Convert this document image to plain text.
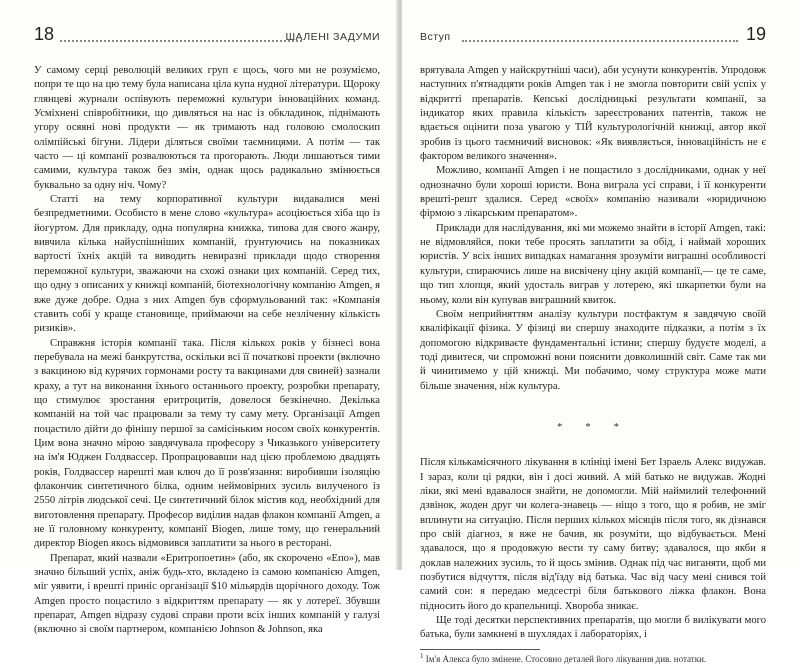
18	ШАЛЕНІ ЗАДУМИ

У самому серці революцій великих груп є щось, чого ми не розуміємо, попри те що на цю тему була написана ціла купа нудної літератури. Щороку глянцеві журнали оспівують переможні культури інноваційних команд. Усміхнені співробітники, що дивляться на нас із обкладинок, піднімають угору осяяні нові продукти — як тримають над головою смолоскип олімпійські бігуни. Лідери діляться своїми таємницями. А потім — так часто — ці компанії розвалюються та прогорають. Люди лишаються тими самими, культура також без змін, однак щось радикально змінюється буквально за одну ніч. Чому?

Статті на тему корпоративної культури видавалися мені безпредметними. Особисто в мене слово «культура» асоціюється хіба що із йогуртом. Для прикладу, одна популярна книжка, типова для свого жанру, вивчила кілька найуспішніших компаній, ґрунтуючись на показниках вартості їхніх акцій та виводить невиразні приклади щодо створення переможної культури, зважаючи на схожі ознаки цих компаній. Серед тих, що одну з описаних у книжці компаній, біотехнологічну компанію Amgen, я вже дуже добре. Одна з них Amgen був сформульований так: «Компанія ставить собі у краще становище, приймаючи на себе незліченну кількість ризиків».

Справжня історія компанії така. Після кількох років у бізнесі вона перебувала на межі банкрутства, оскільки всі її початкові проекти (включно з вакциною від курячих гормонами росту та вакцинами для свиней) зазнали краху, а тут на виконання їхнього останнього проекту, розробки препарату, що стимулює зростання еритроцитів, довелося безкінечно. Декілька компаній на той час працювали за тему ту саму мету. Організації Amgen поцастило дійти до фінішу першої за самісіньким носом своїх конкурентів. Цим вона значно мірою завдячувала професору з Чиказького університету на ім'я Юджен Голдвассер. Пропрацювавши над цією проблемою двадцять років, Голдвассер нарешті мав ключ до її розв'язання: виробивши ізоляцію флакончик синтетичного білка, одним неймовірних зусиль вилученого із 2550 літрів людської сечі. Це синтетичний білок містив код, необхідний для виготовлення препарату. Професор виділив надав флакон компанії Amgen, а не її головному конкуренту, компанії Biogen, лише тому, що генеральний директор Biogen якось відмовився заплатити за нього в ресторані.

Препарат, який назвали «Еритропоетин» (або, як скорочено «Епо»), мав значно більший успіх, аніж будь-хто, вкладено із самою компанією Amgen, міг уявити, і врешті приніс організації $10 мільярдів щорічного доходу. Тож Amgen просто поцастило з відкриттям препарату — як у лотереї. Збувши препарат, Amgen відразу судові справи проти всіх інших компаній у галузі (включно зі своїм партнером, компанією Johnson & Johnson, яка

Вступ	19

врятувала Amgen у найскрутніші часи), аби усунути конкурентів. Упродовж наступних п'ятнадцяти років Amgen так і не змогла повторити свій успіх у відкритті препаратів. Кепські дослідницькі результати компанії, за індикатор яких правила кількість зареєстрованих патентів, також не вдається оцінити поза увагою у ТІЙ культурологічній книжці, автор якої зробив із цього таємничий висновок: «Як виявляється, інноваційність не є фактором великого значення».

Можливо, компанії Amgen і не пощастило з дослідниками, однак у неї однозначно були хороші юристи. Вона виграла усі справи, і її конкуренти врешті-решт здалися. Серед «своїх» компанію називали «юридичною фірмою з лікарським препаратом».

Приклади для наслідування, які ми можемо знайти в історії Amgen, такі: не відмовляйся, поки тебе просять заплатити за обід, і наймай хороших юристів. У всіх інших випадках намагання зрозуміти виграшні особливості культури, спираючись лише на висвічену ціну акцій компанії,— це те саме, що тип хлопця, який удосталь виграв у лотерею, які шкарпетки були на ньому, коли він купував виграшний квиток.

Своїм неприйняттям аналізу культури постфактум я завдячую своїй кваліфікації фізика. У фізиці ви спершу знаходите підказки, а потім з їх допомогою відкриваєте фундаментальні істини; спершу будуєте моделі, а тоді дивитеся, чи спроможні вони пояснити довколишній світ. Саме так ми й чинитимемо у цій книжці. Ми побачимо, чому структура може мати більше значення, ніж культура.

* * *

Після кількамісячного лікування в клініці імені Бет Ізраель Алекс видужав. І зараз, коли ці рядки, він і досі живий. А мій батько не видужав. Жодні ліки, які мені вдавалося знайти, не допомогли. Мій наймилий телефонний дзвінок, жоден друг чи колега-знавець — ніщо з того, що я робив, не зміг вплинути на ситуацію. Після перших кількох місяців після того, як дізнався про свій діагноз, я вже не бачив, як розуміти, що відбувається. Мені здавалося, що я продовжую вести ту саму битву; здавалося, що якби я доклав належних зусиль, то й щось змінив. Однак під час виганяти, щоб ми позбутися відчуття, після від'їзду від батька. Час від часу мені снився той самий сон: я передаю медсестрі біля батькового ліжка флакон. Вона підносить його до крапельниці. Хвороба зникає.

Ще тоді десятки перспективних препаратів, що могли б вилікувати мого батька, були замкнені в шухлядах і лабораторіях, і

$^1$ Ім'я Алекса було змінене. Стосовно деталей його лікування див. нотатки.
